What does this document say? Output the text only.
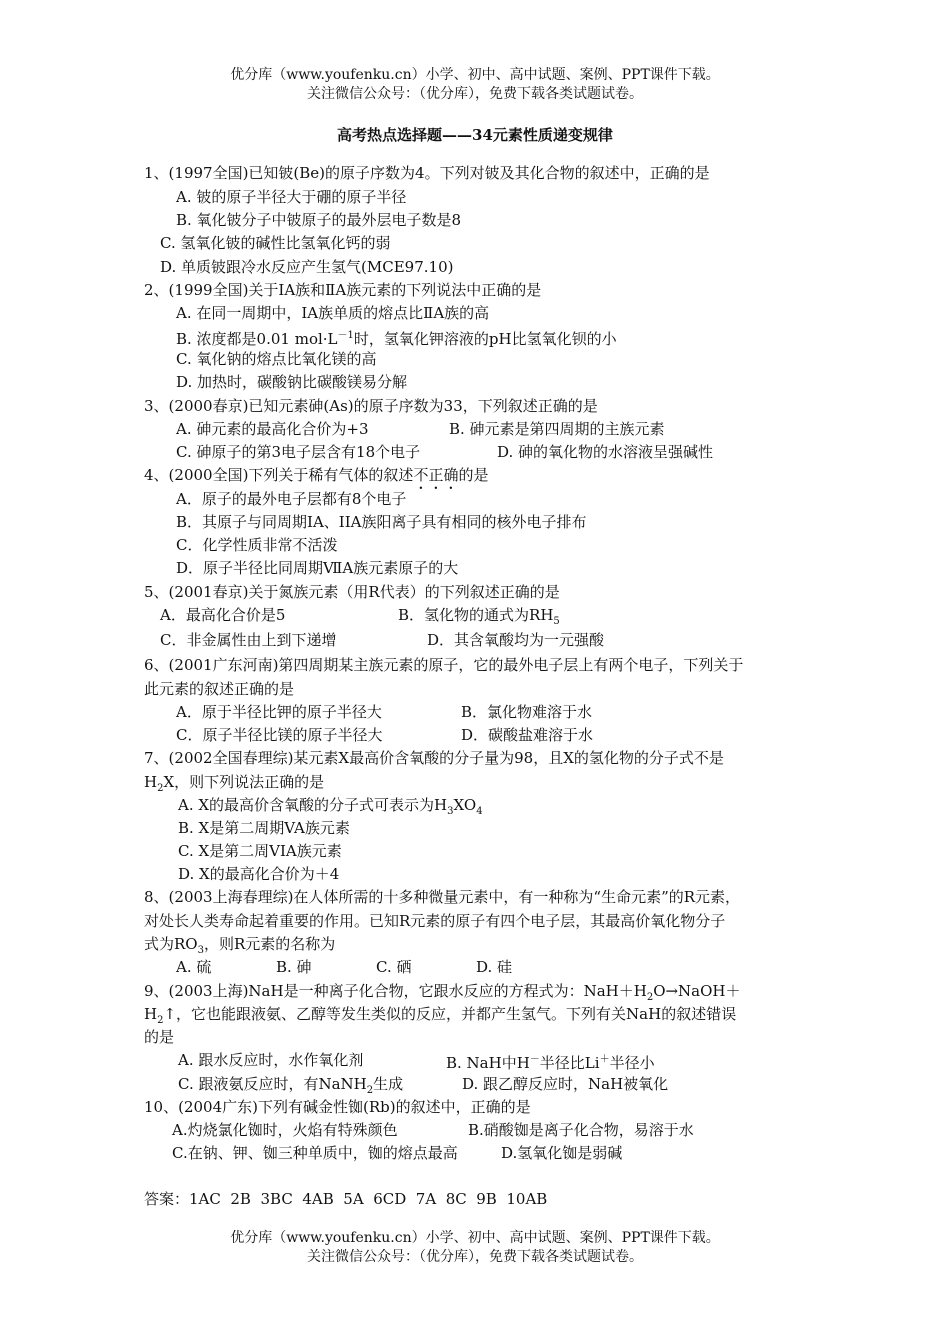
优分库（www.youfenku.cn）小学、初中、高中试题、案例、PPT课件下载。
关注微信公众号：（优分库），免费下载各类试题试卷。
高考热点选择题——34元素性质递变规律
1、(1997全国)已知铍(Be)的原子序数为4。下列对铍及其化合物的叙述中，正确的是
A. 铍的原子半径大于硼的原子半径
B. 氧化铍分子中铍原子的最外层电子数是8
C. 氢氧化铍的碱性比氢氧化钙的弱
D. 单质铍跟冷水反应产生氢气(MCE97.10)
2、(1999全国)关于ⅠA族和ⅡA族元素的下列说法中正确的是
A. 在同一周期中，ⅠA族单质的熔点比ⅡA族的高
B. 浓度都是0.01 $mol\cdot L^{-1}$时，氢氧化钾溶液的pH比氢氧化钡的小
C. 氧化钠的熔点比氧化镁的高
D. 加热时，碳酸钠比碳酸镁易分解
3、(2000春京)已知元素砷(As)的原子序数为33，下列叙述正确的是
A. 砷元素的最高化合价为+3	B. 砷元素是第四周期的主族元素
C. 砷原子的第3电子层含有18个电子	D. 砷的氧化物的水溶液呈强碱性
4、(2000全国)下列关于稀有气体的叙述不正确的是
A．原子的最外电子层都有8个电子
B．其原子与同周期IA、IIA族阳离子具有相同的核外电子排布
C．化学性质非常不活泼
D．原子半径比同周期ⅦA族元素原子的大
5、(2001春京)关于氮族元素（用R代表）的下列叙述正确的是
A．最高化合价是5	B．氢化物的通式为$RH_5$
C．非金属性由上到下递增	D．其含氧酸均为一元强酸
6、(2001广东河南)第四周期某主族元素的原子，它的最外电子层上有两个电子，下列关于
此元素的叙述正确的是
A．原于半径比钾的原子半径大	B．氯化物难溶于水
C．原子半径比镁的原子半径大	D．碳酸盐难溶于水
7、(2002全国春理综)某元素X最高价含氧酸的分子量为98，且X的氢化物的分子式不是
$H_2X$，则下列说法正确的是
A. X的最高价含氧酸的分子式可表示为$H_3XO_4$
B. X是第二周期VA族元素
C. X是第二周VIA族元素
D. X的最高化合价为＋4
8、(2003上海春理综)在人体所需的十多种微量元素中，有一种称为“生命元素”的R元素，
对处长人类寿命起着重要的作用。已知R元素的原子有四个电子层，其最高价氧化物分子
式为$RO_3$，则R元素的名称为
A. 硫	B. 砷	C. 硒	D. 硅
9、(2003上海)NaH是一种离子化合物，它跟水反应的方程式为：$NaH+H_2O\to NaOH+$
$H_2↑$，它也能跟液氨、乙醇等发生类似的反应，并都产生氢气。下列有关NaH的叙述错误
的是
A. 跟水反应时，水作氧化剂	B. NaH中H－半径比Li＋半径小
C. 跟液氨反应时，有NaNH$_2$生成	D. 跟乙醇反应时，NaH被氧化
10、(2004广东)下列有碱金性铷(Rb)的叙述中，正确的是
A.灼烧氯化铷时，火焰有特殊颜色	B.硝酸铷是离子化合物，易溶于水
C.在钠、钾、铷三种单质中，铷的熔点最高	D.氢氧化铷是弱碱
答案：1AC  2B  3BC  4AB  5A  6CD  7A  8C  9B  10AB
优分库（www.youfenku.cn）小学、初中、高中试题、案例、PPT课件下载。
关注微信公众号：（优分库），免费下载各类试题试卷。
